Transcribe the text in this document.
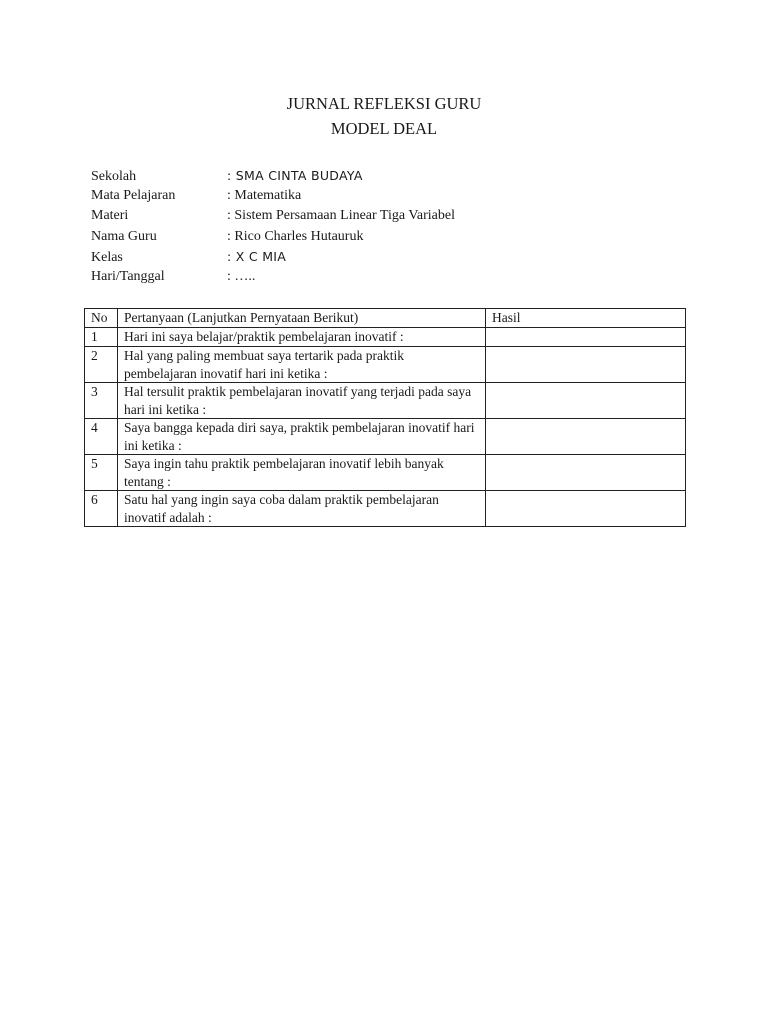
JURNAL REFLEKSI GURU
MODEL DEAL
Sekolah	: SMA CINTA BUDAYA
Mata Pelajaran	: Matematika
Materi	: Sistem Persamaan Linear Tiga Variabel
Nama Guru	: Rico Charles Hutauruk
Kelas	: X C MIA
Hari/Tanggal	: …..
No	Pertanyaan (Lanjutkan Pernyataan Berikut)	Hasil
1	Hari ini saya belajar/praktik pembelajaran inovatif :	
2	Hal yang paling membuat saya tertarik pada praktik pembelajaran inovatif hari ini ketika :	
3	Hal tersulit praktik pembelajaran inovatif yang terjadi pada saya hari ini ketika :	
4	Saya bangga kepada diri saya, praktik pembelajaran inovatif hari ini ketika :	
5	Saya ingin tahu praktik pembelajaran inovatif lebih banyak tentang :	
6	Satu hal yang ingin saya coba dalam praktik pembelajaran inovatif adalah :	
